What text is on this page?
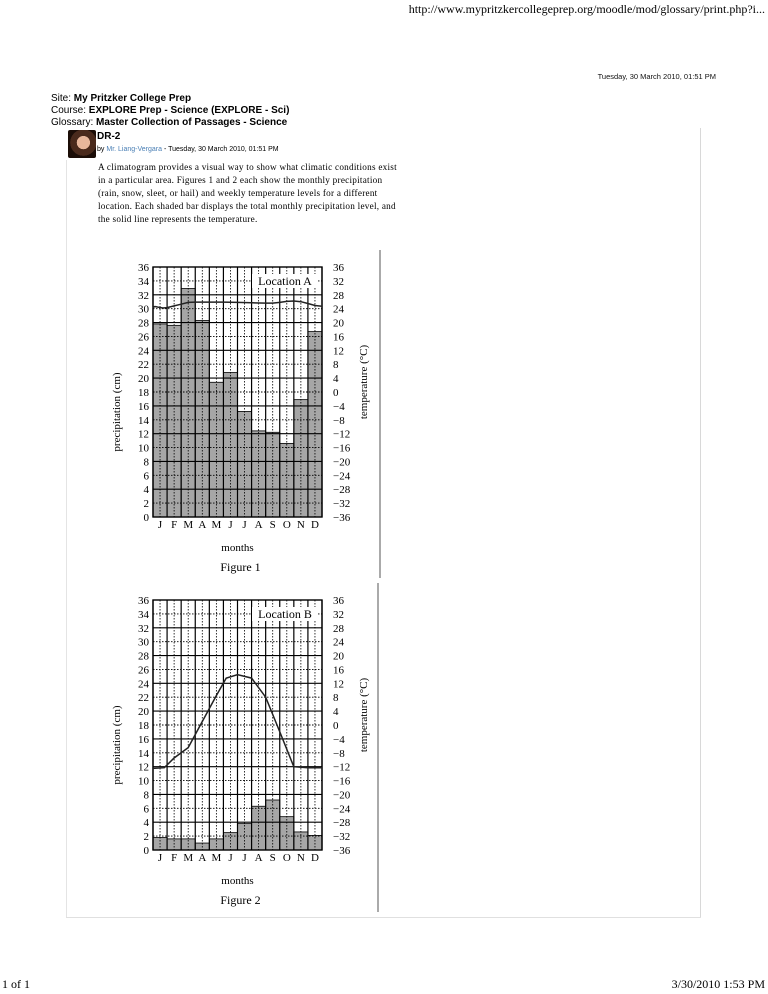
http://www.mypritzkercollegeprep.org/moodle/mod/glossary/print.php?i...
Tuesday, 30 March 2010, 01:51 PM
Site: My Pritzker College Prep
Course: EXPLORE Prep - Science (EXPLORE - Sci)
Glossary: Master Collection of Passages - Science
DR-2
by Mr. Liang-Vergara - Tuesday, 30 March 2010, 01:51 PM
A climatogram provides a visual way to show what climatic conditions exist in a particular area. Figures 1 and 2 each show the monthly precipitation (rain, snow, sleet, or hail) and weekly temperature levels for a different location. Each shaded bar displays the total monthly precipitation level, and the solid line represents the temperature.
Location A
0
2
4
6
8
10
12
14
16
18
20
22
24
26
28
30
32
34
36
−36
−32
−28
−24
−20
−16
−12
−8
−4
0
4
8
12
16
20
24
28
32
36
J F M A M J J A S O N D
months
precipitation (cm)	temperature (°C)
Figure 1
Location B
0
2
4
6
8
10
12
14
16
18
20
22
24
26
28
30
32
34
36
−36
−32
−28
−24
−20
−16
−12
−8
−4
0
4
8
12
16
20
24
28
32
36
J F M A M J J A S O N D
months
precipitation (cm)	temperature (°C)
Figure 2
1 of 1	3/30/2010 1:53 PM
